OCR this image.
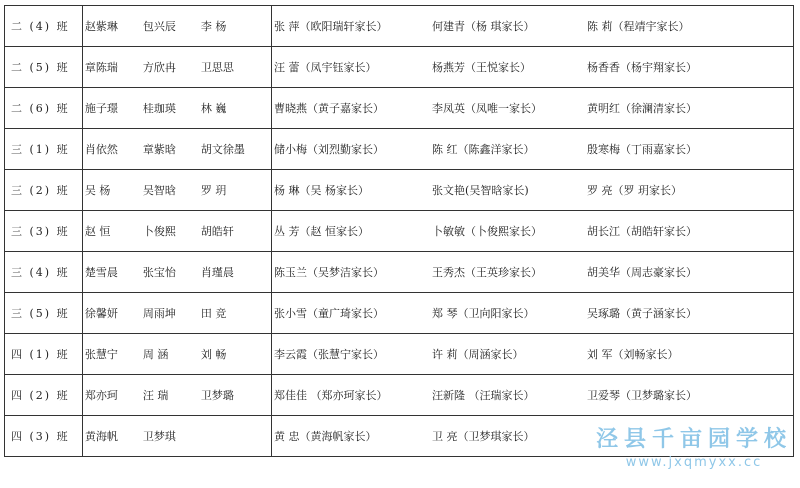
二 (4) 班	赵紫琳 包兴辰 李 杨	张 萍（欧阳瑞轩家长） 何建青（杨 琪家长） 陈 莉（程靖宇家长）
二 (5) 班	章陈瑞 方欣冉 卫思思	汪 蕾（凤宇钰家长） 杨燕芳（王悦家长） 杨香香（杨宇翔家长）
二 (6) 班	施子璟 桂珈瑛 林 巍	曹晓燕（黄子嘉家长） 李凤英（凤唯一家长） 黄明红（徐澜清家长）
三 (1) 班	肖依然 章紫晗 胡文徐墨	储小梅（刘烈勤家长） 陈 红（陈鑫洋家长） 殷寒梅（丁雨嘉家长）
三 (2) 班	吴 杨 吴智晗 罗 玥	杨 琳（吴 杨家长） 张文艳(吴智晗家长) 罗 亮（罗 玥家长）
三 (3) 班	赵 恒 卜俊熙 胡皓轩	丛 芳（赵 恒家长） 卜敏敏（卜俊熙家长） 胡长江（胡皓轩家长）
三 (4) 班	楚雪晨 张宝怡 肖瑾晨	陈玉兰（吴梦洁家长） 王秀杰（王英珍家长） 胡美华（周志豪家长）
三 (5) 班	徐馨妍 周雨坤 田 竞	张小雪（童广琦家长） 郑 琴（卫向阳家长） 吴琢璐（黄子涵家长）
四 (1) 班	张慧宁 周 涵 刘 畅	李云霞（张慧宁家长） 许 莉（周涵家长） 刘 军（刘畅家长）
四 (2) 班	郑亦珂 汪 瑞 卫梦璐	郑佳佳 （郑亦珂家长） 汪新隆 （汪瑞家长） 卫爱琴（卫梦璐家长）
四 (3) 班	黄海帆 卫梦琪	黄 忠（黄海帆家长） 卫 亮（卫梦琪家长）	泾县千亩园学校
www.jxqmyxx.cc
